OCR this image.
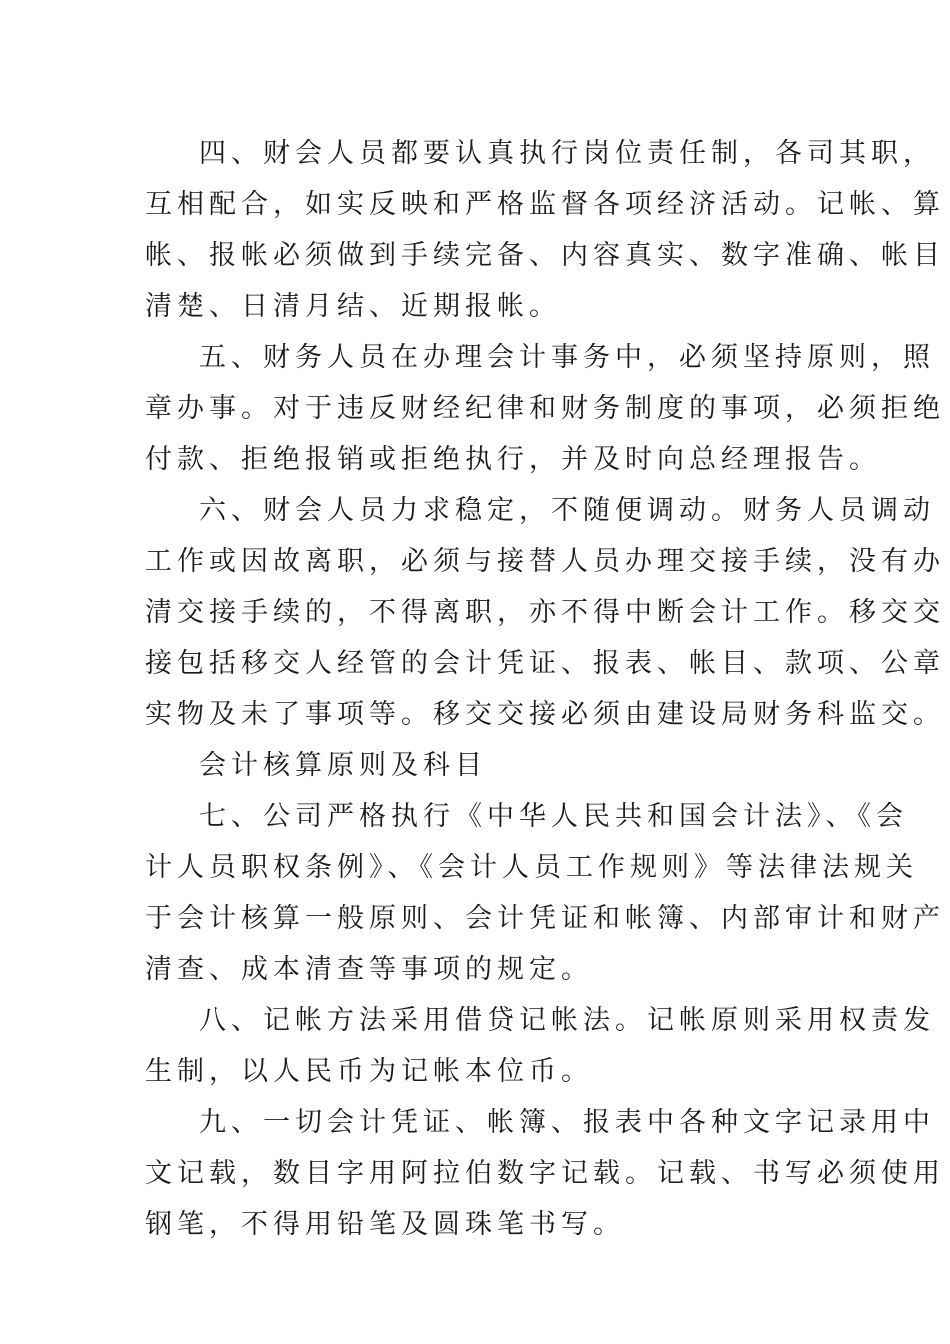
四、财会人员都要认真执行岗位责任制，各司其职，
互相配合，如实反映和严格监督各项经济活动。记帐、算
帐、报帐必须做到手续完备、内容真实、数字准确、帐目
清楚、日清月结、近期报帐。
五、财务人员在办理会计事务中，必须坚持原则，照
章办事。对于违反财经纪律和财务制度的事项，必须拒绝
付款、拒绝报销或拒绝执行，并及时向总经理报告。
六、财会人员力求稳定，不随便调动。财务人员调动
工作或因故离职，必须与接替人员办理交接手续，没有办
清交接手续的，不得离职，亦不得中断会计工作。移交交
接包括移交人经管的会计凭证、报表、帐目、款项、公章
实物及未了事项等。移交交接必须由建设局财务科监交。
会计核算原则及科目
七、公司严格执行《中华人民共和国会计法》、《会
计人员职权条例》、《会计人员工作规则》等法律法规关
于会计核算一般原则、会计凭证和帐簿、内部审计和财产
清查、成本清查等事项的规定。
八、记帐方法采用借贷记帐法。记帐原则采用权责发
生制，以人民币为记帐本位币。
九、一切会计凭证、帐簿、报表中各种文字记录用中
文记载，数目字用阿拉伯数字记载。记载、书写必须使用
钢笔，不得用铅笔及圆珠笔书写。
